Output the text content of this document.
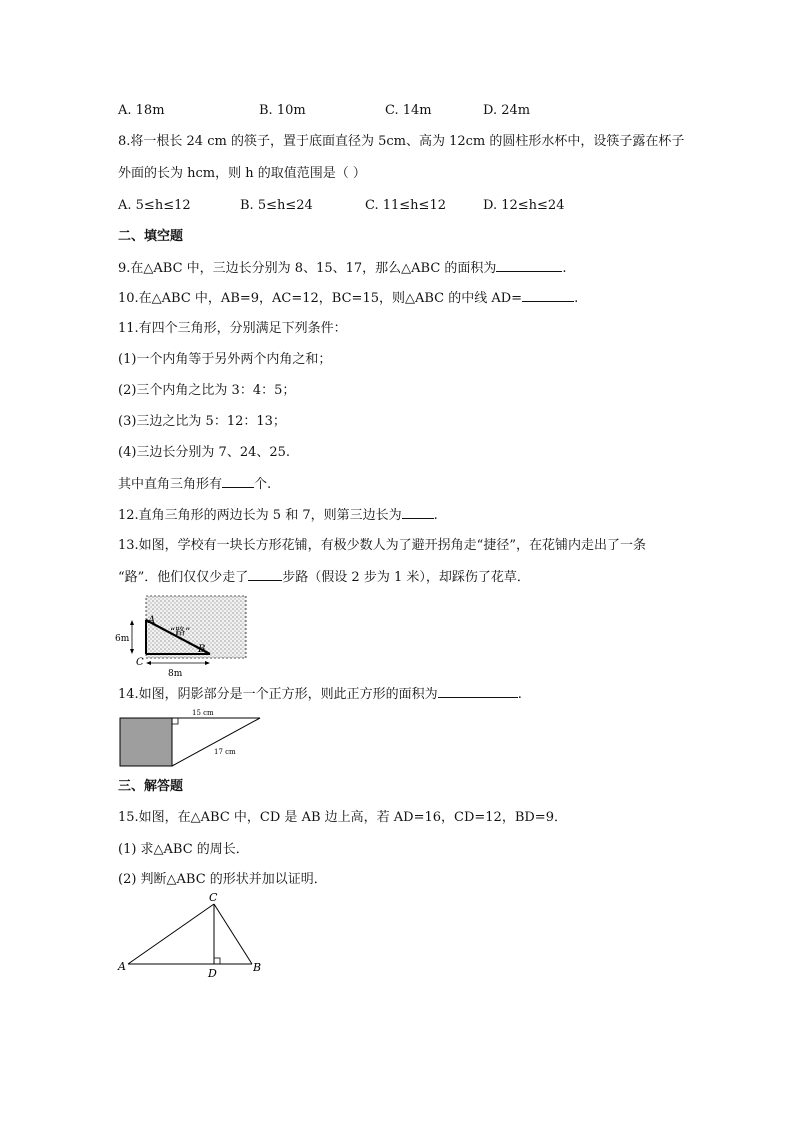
A. 18m	B. 10m	C. 14m	D. 24m
8.将一根长 24 cm 的筷子，置于底面直径为 5cm、高为 12cm 的圆柱形水杯中，设筷子露在杯子
外面的长为 hcm，则 h 的取值范围是（ ）
A. 5≤h≤12	B. 5≤h≤24	C. 11≤h≤12	D. 12≤h≤24
二、填空题
9.在△ABC 中，三边长分别为 8、15、17，那么△ABC 的面积为	.
10.在△ABC 中，AB=9，AC=12，BC=15，则△ABC 的中线 AD=	.
11.有四个三角形，分别满足下列条件：
(1)一个内角等于另外两个内角之和；
(2)三个内角之比为 3：4：5；
(3)三边之比为 5：12：13；
(4)三边长分别为 7、24、25.
其中直角三角形有 个.
12.直角三角形的两边长为 5 和 7，则第三边长为 .
13.如图，学校有一块长方形花铺，有极少数人为了避开拐角走“捷径”，在花铺内走出了一条
“路”．他们仅仅少走了	步路（假设 2 步为 1 米），却踩伤了花草．
A
C
B
6m
8m
“路”
14.如图，阴影部分是一个正方形，则此正方形的面积为	.
15 cm
17 cm
三、解答题
15.如图，在△ABC 中，CD 是 AB 边上高，若 AD=16，CD=12，BD=9．
(1) 求△ABC 的周长．
(2) 判断△ABC 的形状并加以证明．
C
A	B
D
